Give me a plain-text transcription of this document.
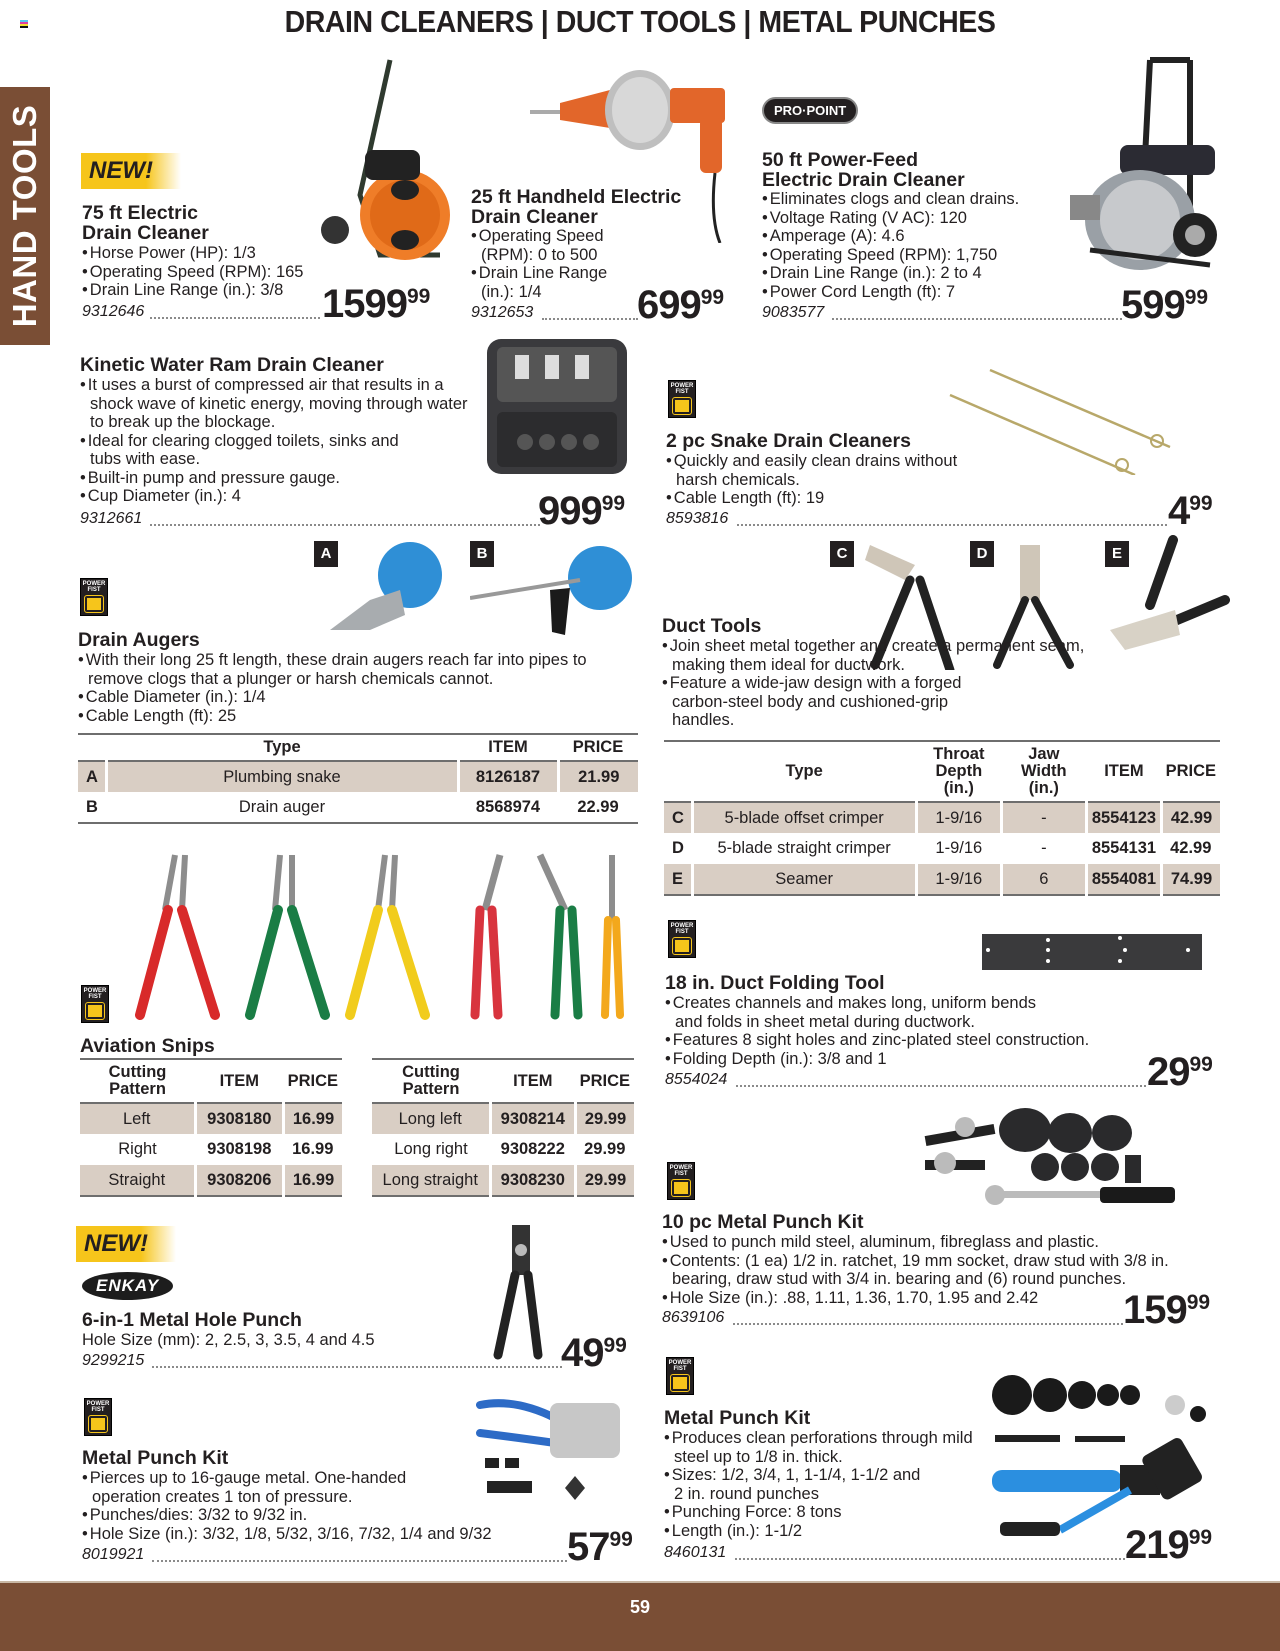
DRAIN CLEANERS | DUCT TOOLS | METAL PUNCHES
HAND TOOLS	NEW!
75 ft Electric
Drain Cleaner
• Horse Power (HP): 1/3
• Operating Speed (RPM): 165
• Drain Line Range (in.): 3/8
9312646	159999
25 ft Handheld Electric
Drain Cleaner
• Operating Speed (RPM): 0 to 500
• Drain Line Range (in.): 1/4
9312653	69999
PRO·POINT
50 ft Power-Feed
Electric Drain Cleaner
• Eliminates clogs and clean drains.
• Voltage Rating (V AC): 120
• Amperage (A): 4.6
• Operating Speed (RPM): 1,750
• Drain Line Range (in.): 2 to 4
• Power Cord Length (ft): 7
9083577	59999
Kinetic Water Ram Drain Cleaner
• It uses a burst of compressed air that results in a shock wave of kinetic energy, moving through water to break up the blockage.
• Ideal for clearing clogged toilets, sinks and tubs with ease.
• Built-in pump and pressure gauge.
• Cup Diameter (in.): 4
9312661	99999
POWER
FIST
2 pc Snake Drain Cleaners
• Quickly and easily clean drains without harsh chemicals.
• Cable Length (ft): 19
8593816	499
POWER
FIST
A	B
Drain Augers
• With their long 25 ft length, these drain augers reach far into pipes to remove clogs that a plunger or harsh chemicals cannot.
• Cable Diameter (in.): 1/4
• Cable Length (ft): 25
	Type	ITEM	PRICE
A	Plumbing snake	8126187	21.99
B	Drain auger	8568974	22.99
C	D	E
Duct Tools
• Join sheet metal together and create a permanent seam, making them ideal for ductwork.
• Feature a wide-jaw design with a forged carbon-steel body and cushioned-grip handles.
	Type	Throat Depth (in.)	Jaw Width (in.)	ITEM	PRICE
C	5-blade offset crimper	1-9/16	-	8554123	42.99
D	5-blade straight crimper	1-9/16	-	8554131	42.99
E	Seamer	1-9/16	6	8554081	74.99
POWER
FIST
Aviation Snips
Cutting Pattern	ITEM	PRICE
Left	9308180	16.99
Right	9308198	16.99
Straight	9308206	16.99
Cutting Pattern	ITEM	PRICE
Long left	9308214	29.99
Long right	9308222	29.99
Long straight	9308230	29.99
POWER
FIST
18 in. Duct Folding Tool
• Creates channels and makes long, uniform bends and folds in sheet metal during ductwork.
• Features 8 sight holes and zinc-plated steel construction.
• Folding Depth (in.): 3/8 and 1
8554024	2999
POWER
FIST
10 pc Metal Punch Kit
• Used to punch mild steel, aluminum, fibreglass and plastic.
• Contents: (1 ea) 1/2 in. ratchet, 19 mm socket, draw stud with 3/8 in. bearing, draw stud with 3/4 in. bearing and (6) round punches.
• Hole Size (in.): .88, 1.11, 1.36, 1.70, 1.95 and 2.42
8639106	15999
NEW!
ENKAY
6-in-1 Metal Hole Punch
Hole Size (mm): 2, 2.5, 3, 3.5, 4 and 4.5
9299215	4999
POWER
FIST
Metal Punch Kit
• Pierces up to 16-gauge metal. One-handed operation creates 1 ton of pressure.
• Punches/dies: 3/32 to 9/32 in.
• Hole Size (in.): 3/32, 1/8, 5/32, 3/16, 7/32, 1/4 and 9/32
8019921	5799
POWER
FIST
Metal Punch Kit
• Produces clean perforations through mild steel up to 1/8 in. thick.
• Sizes: 1/2, 3/4, 1, 1-1/4, 1-1/2 and 2 in. round punches
• Punching Force: 8 tons
• Length (in.): 1-1/2
8460131	21999
59
